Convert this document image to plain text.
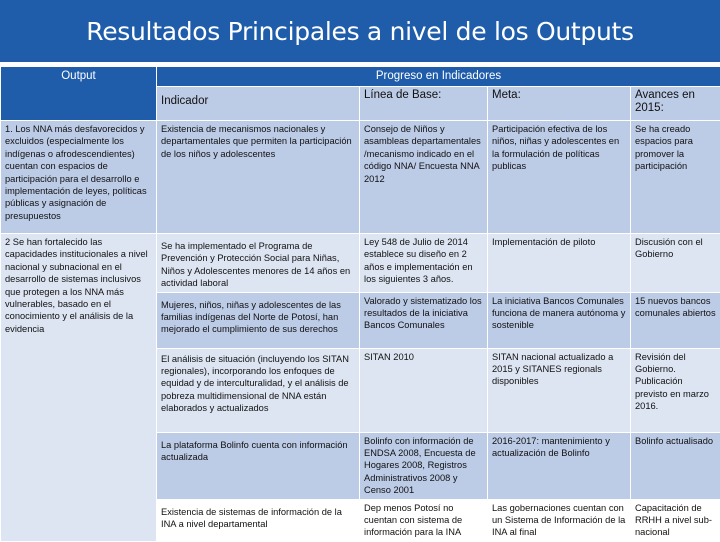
Resultados Principales a nivel de los Outputs
Output	Progreso en Indicadores			
	Indicador	Línea de Base:	Meta:	Avances en 2015:
1. Los NNA más desfavorecidos y excluidos (especialmente los indígenas o afrodescendientes) cuentan con espacios de participación para el desarrollo e implementación de leyes, políticas públicas y asignación de presupuestos	Existencia de mecanismos nacionales y departamentales que permiten la participación de los niños y adolescentes	Consejo de Niños y asambleas departamentales /mecanismo indicado en el código NNA/ Encuesta NNA 2012	Participación efectiva de los niños, niñas y adolescentes en la formulación de políticas publicas	Se ha creado espacios para promover la participación
2 Se han fortalecido las capacidades institucionales a nivel nacional y subnacional en el desarrollo de sistemas inclusivos que protegen a los NNA más vulnerables, basado en el conocimiento y el análisis de la evidencia	Se ha implementado el Programa de Prevención y Protección Social para Niñas, Niños y Adolescentes menores de 14 años en actividad laboral	Ley 548 de Julio de 2014 establece su diseño en 2 años e implementación en los siguientes 3 años.	Implementación de piloto	Discusión con el Gobierno
	Mujeres, niños, niñas y adolescentes de las familias indígenas del Norte de Potosí, han mejorado el cumplimiento de sus derechos	Valorado y sistematizado los resultados de la iniciativa Bancos Comunales	La iniciativa Bancos Comunales funciona de manera autónoma y sostenible	15 nuevos bancos comunales abiertos
	El análisis de situación (incluyendo los SITAN regionales), incorporando los enfoques de equidad y de interculturalidad, y el análisis de pobreza multidimensional de NNA están elaborados y actualizados	SITAN 2010	SITAN nacional actualizado a 2015 y SITANES regionals disponibles	Revisión del Gobierno. Publicación previsto en marzo 2016.
	La plataforma Bolinfo cuenta con información actualizada	Bolinfo con información de ENDSA 2008, Encuesta de Hogares 2008, Registros Administrativos 2008 y Censo 2001	2016-2017: mantenimiento y actualización de Bolinfo	Bolinfo actualisado
	Existencia de sistemas de información de la INA a nivel departamental	Dep menos Potosí no cuentan con sistema de información para la INA	Las gobernaciones cuentan con un Sistema de Información de la INA al final	Capacitación de RRHH a nivel sub-nacional
